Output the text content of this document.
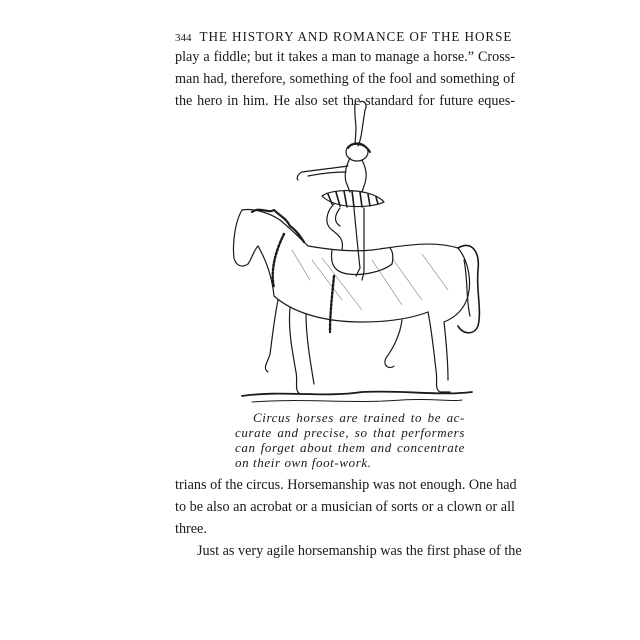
344 THE HISTORY AND ROMANCE OF THE HORSE
play a fiddle; but it takes a man to manage a horse.” Cross-
man had, therefore, something of the fool and something of
the hero in him. He also set the standard for future eques-
Circus horses are trained to be ac-
curate and precise, so that performers
can forget about them and concentrate
on their own foot-work.
trians of the circus. Horsemanship was not enough. One had
to be also an acrobat or a musician of sorts or a clown or all
three.
Just as very agile horsemanship was the first phase of the
